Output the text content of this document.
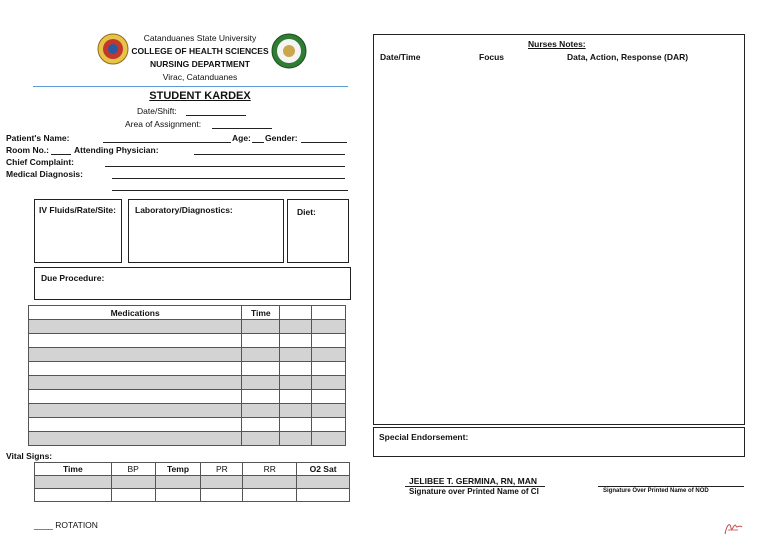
Catanduanes State University
COLLEGE OF HEALTH SCIENCES
NURSING DEPARTMENT
Virac, Catanduanes
STUDENT KARDEX
Date/Shift:
Area of Assignment:
Patient's Name:	Age: Gender:
Room No.:	Attending Physician:
Chief Complaint:
Medical Diagnosis:
IV Fluids/Rate/Site: Laboratory/Diagnostics:	Diet:
Due Procedure:
Medications	Time		

Vital Signs:
Time	BP	Temp	PR	RR	O2 Sat

____ ROTATION
Nurses Notes:
Date/Time	Focus	Data, Action, Response (DAR)
Special Endorsement:
JELIBEE T. GERMINA, RN, MAN
Signature over Printed Name of CI	Signature Over Printed Name of NOD
